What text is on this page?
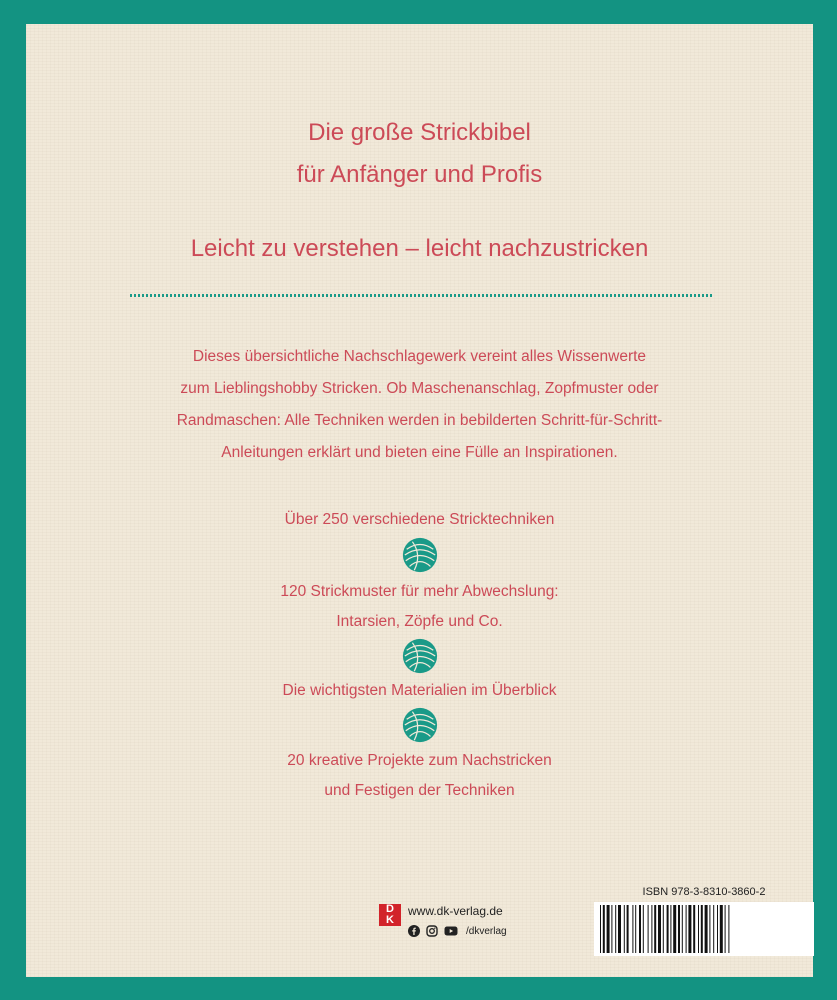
Die große Strickbibel
für Anfänger und Profis
Leicht zu verstehen – leicht nachzustricken
Dieses übersichtliche Nachschlagewerk vereint alles Wissenwerte
zum Lieblingshobby Stricken. Ob Maschenanschlag, Zopfmuster oder
Randmaschen: Alle Techniken werden in bebilderten Schritt-für-Schritt-
Anleitungen erklärt und bieten eine Fülle an Inspirationen.
Über 250 verschiedene Stricktechniken
120 Strickmuster für mehr Abwechslung:
Intarsien, Zöpfe und Co.
Die wichtigsten Materialien im Überblick
20 kreative Projekte zum Nachstricken
und Festigen der Techniken
D
K
www.dk-verlag.de
/dkverlag
ISBN 978-3-8310-3860-2
